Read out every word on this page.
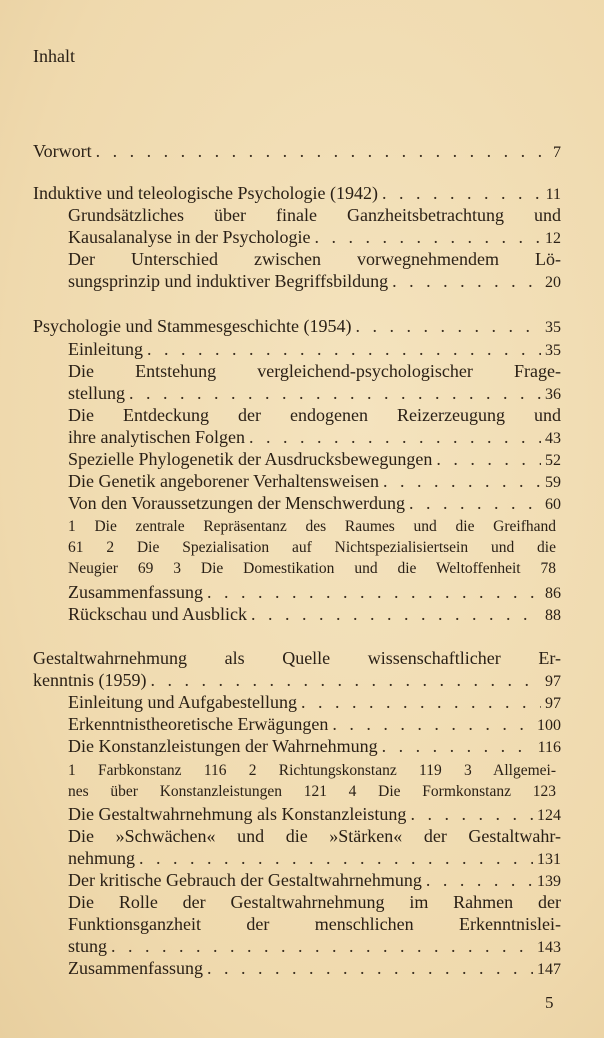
Inhalt
Vorwort . . .	7
Induktive und teleologische Psychologie (1942) . . .	11
Grundsätzliches über finale Ganzheitsbetrachtung und
Kausalanalyse in der Psychologie . . .	12
Der Unterschied zwischen vorwegnehmendem Lö-
sungsprinzip und induktiver Begriffsbildung . . .	20
Psychologie und Stammesgeschichte (1954) . . .	35
Einleitung . . .	35
Die Entstehung vergleichend-psychologischer Frage-
stellung . . .	36
Die Entdeckung der endogenen Reizerzeugung und
ihre analytischen Folgen . . .	43
Spezielle Phylogenetik der Ausdrucksbewegungen . . .	52
Die Genetik angeborener Verhaltensweisen . . .	59
Von den Voraussetzungen der Menschwerdung . . .	60
1 Die zentrale Repräsentanz des Raumes und die Greifhand
61 2 Die Spezialisation auf Nichtspezialisiertsein und die
Neugier 69 3 Die Domestikation und die Weltoffenheit 78
Zusammenfassung . . .	86
Rückschau und Ausblick . . .	88
Gestaltwahrnehmung als Quelle wissenschaftlicher Er-
kenntnis (1959) . . .	97
Einleitung und Aufgabestellung . . .	97
Erkenntnistheoretische Erwägungen . . .	100
Die Konstanzleistungen der Wahrnehmung . . .	116
1 Farbkonstanz 116 2 Richtungskonstanz 119 3 Allgemei-
nes über Konstanzleistungen 121 4 Die Formkonstanz 123
Die Gestaltwahrnehmung als Konstanzleistung . . .	124
Die »Schwächen« und die »Stärken« der Gestaltwahr-
nehmung . . .	131
Der kritische Gebrauch der Gestaltwahrnehmung . . .	139
Die Rolle der Gestaltwahrnehmung im Rahmen der
Funktionsganzheit der menschlichen Erkenntnislei-
stung . . .	143
Zusammenfassung . . .	147
5
